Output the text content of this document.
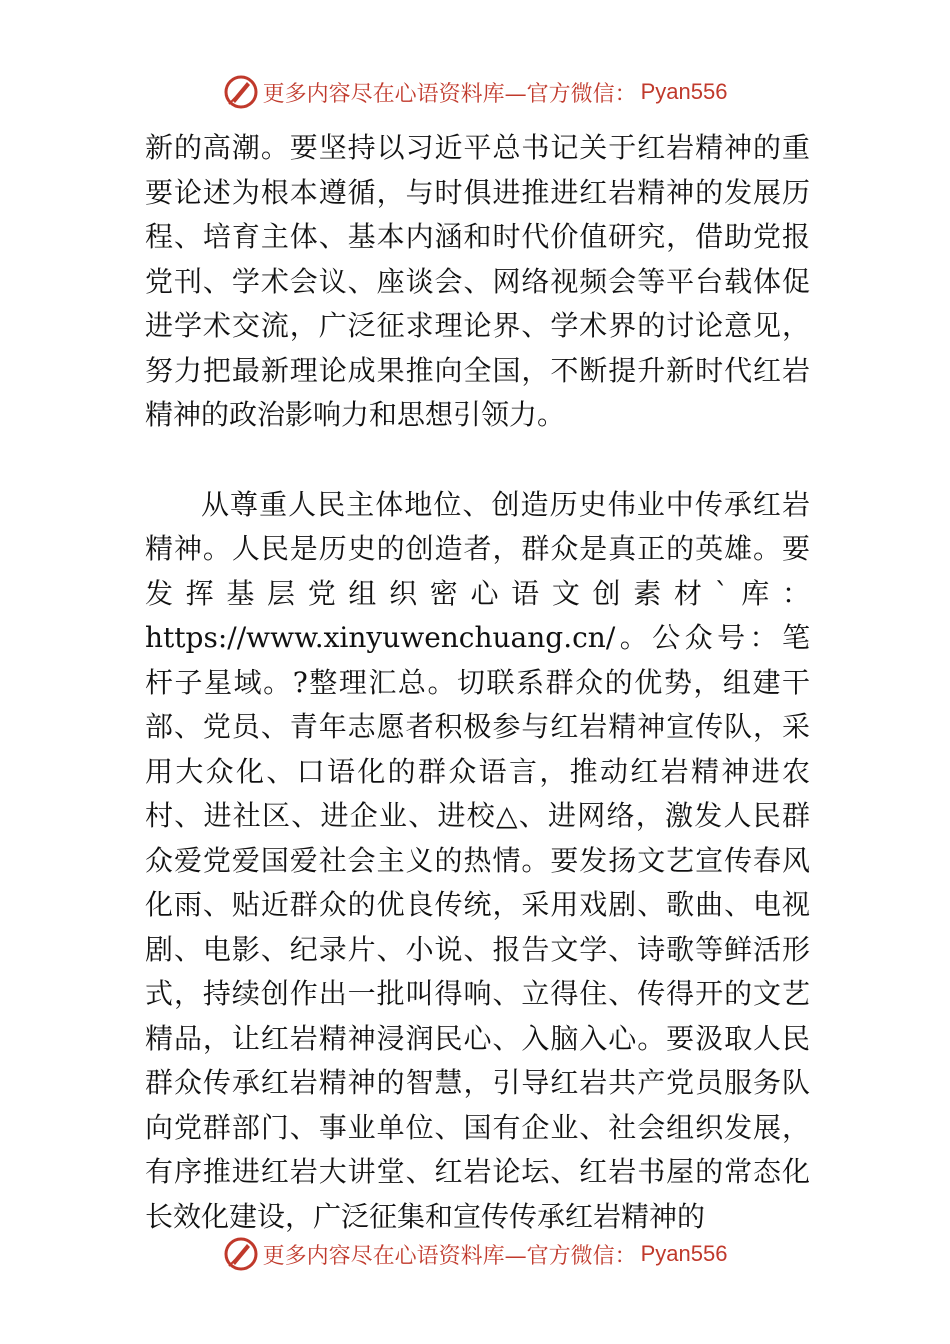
更多内容尽在心语资料库—官方微信： Pyan556

新的高潮。要坚持以习近平总书记关于红岩精神的重要论述为根本遵循，与时俱进推进红岩精神的发展历程、培育主体、基本内涵和时代价值研究，借助党报党刊、学术会议、座谈会、网络视频会等平台载体促进学术交流，广泛征求理论界、学术界的讨论意见，努力把最新理论成果推向全国，不断提升新时代红岩精神的政治影响力和思想引领力。

从尊重人民主体地位、创造历史伟业中传承红岩精神。人民是历史的创造者，群众是真正的英雄。要发挥基层党组织密心语文创素材`库：https://www.xinyuwenchuang.cn/。公众号：笔杆子星域。?整理汇总。切联系群众的优势，组建干部、党员、青年志愿者积极参与红岩精神宣传队，采用大众化、口语化的群众语言，推动红岩精神进农村、进社区、进企业、进校△、进网络，激发人民群众爱党爱国爱社会主义的热情。要发扬文艺宣传春风化雨、贴近群众的优良传统，采用戏剧、歌曲、电视剧、电影、纪录片、小说、报告文学、诗歌等鲜活形式，持续创作出一批叫得响、立得住、传得开的文艺精品，让红岩精神浸润民心、入脑入心。要汲取人民群众传承红岩精神的智慧，引导红岩共产党员服务队向党群部门、事业单位、国有企业、社会组织发展，有序推进红岩大讲堂、红岩论坛、红岩书屋的常态化长效化建设，广泛征集和宣传传承红岩精神的

更多内容尽在心语资料库—官方微信： Pyan556
